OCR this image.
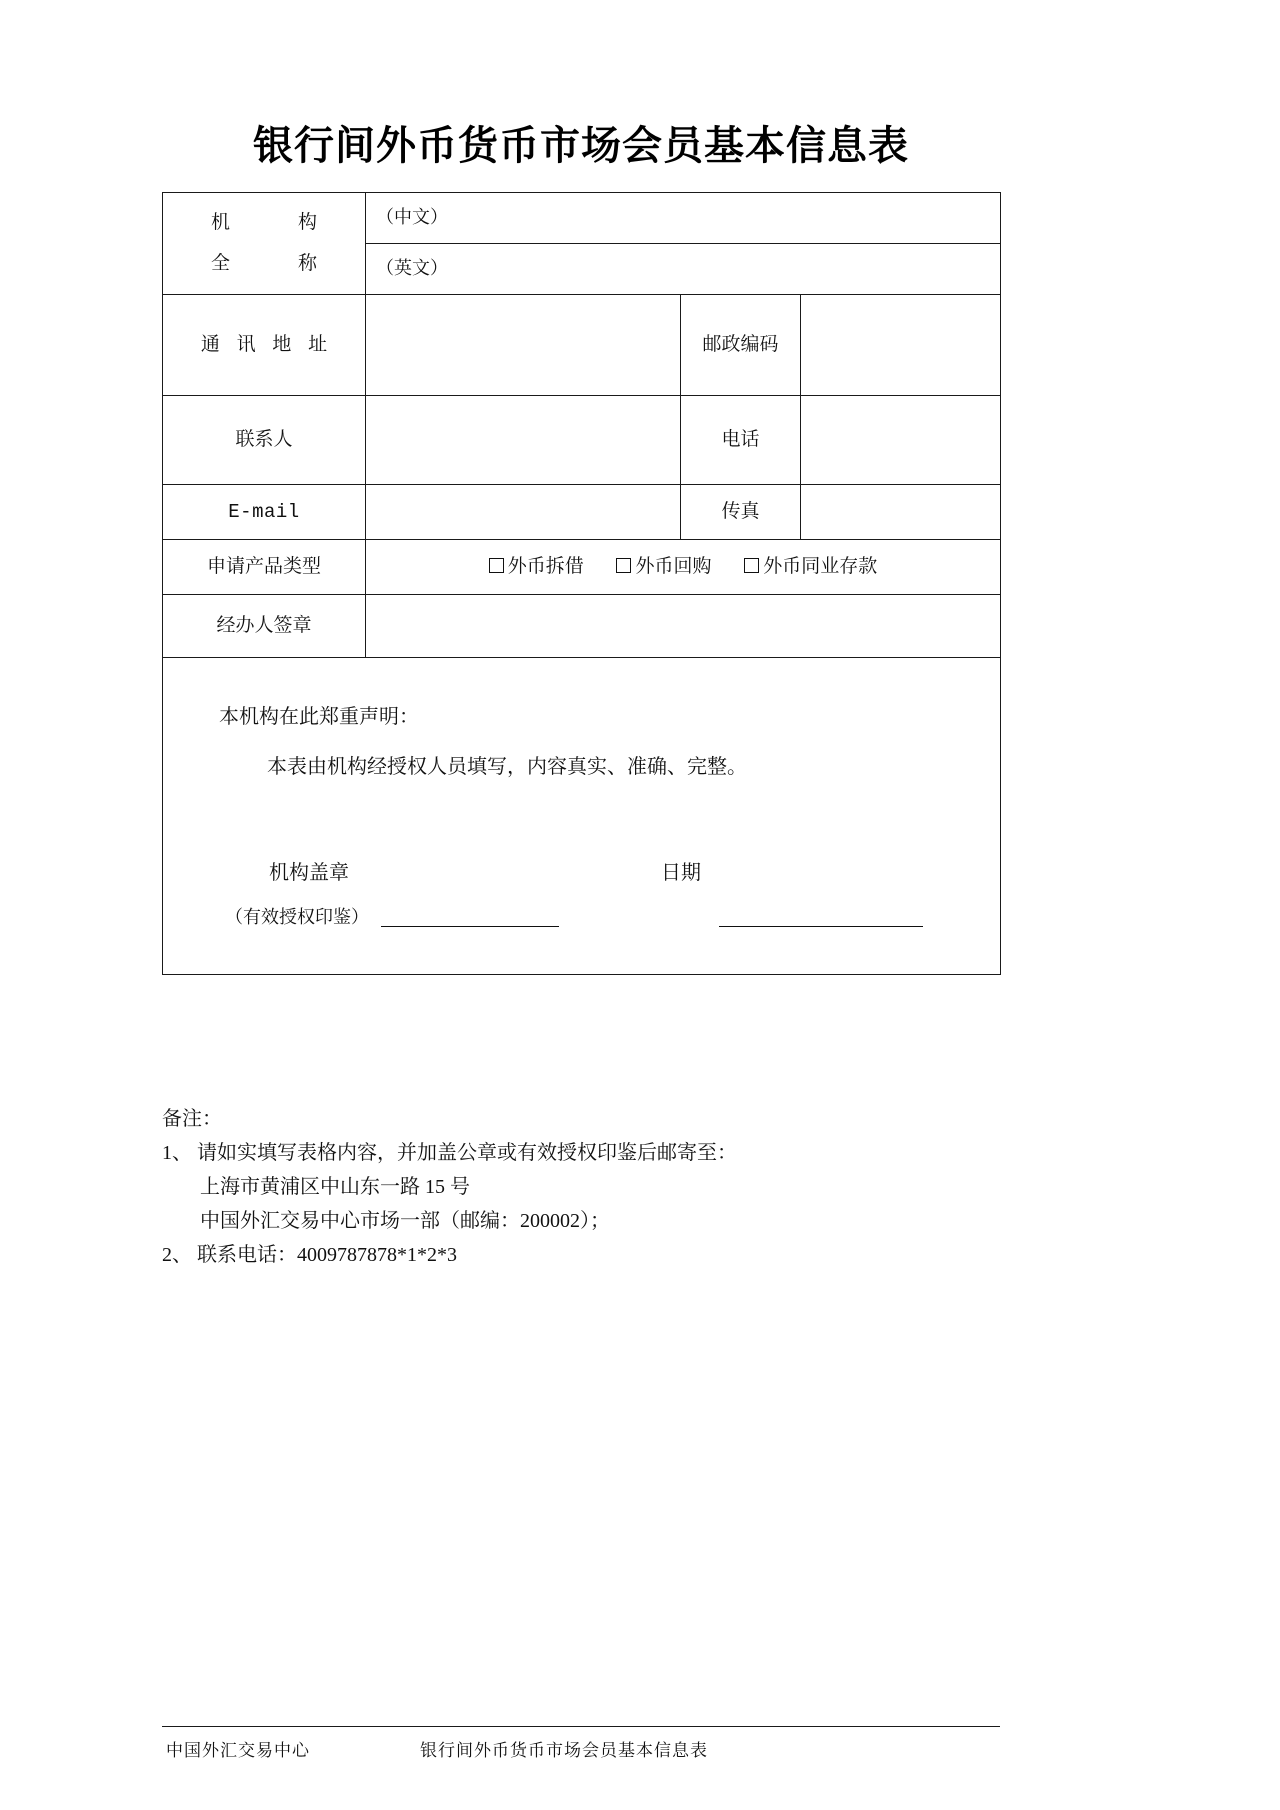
银行间外币货币市场会员基本信息表
机　　构
全　　称	（中文）		
	（英文）		
通 讯 地 址		邮政编码	
联系人		电话	
E-mail		传真	
申请产品类型	外币拆借 外币回购 外币同业存款		
经办人签章			

本机构在此郑重声明：
本表由机构经授权人员填写，内容真实、准确、完整。
机构盖章 日期
（有效授权印鉴）			
备注：
1、 请如实填写表格内容，并加盖公章或有效授权印鉴后邮寄至：
上海市黄浦区中山东一路 15 号
中国外汇交易中心市场一部（邮编：200002）；
2、 联系电话：4009787878*1*2*3
中国外汇交易中心	银行间外币货币市场会员基本信息表
